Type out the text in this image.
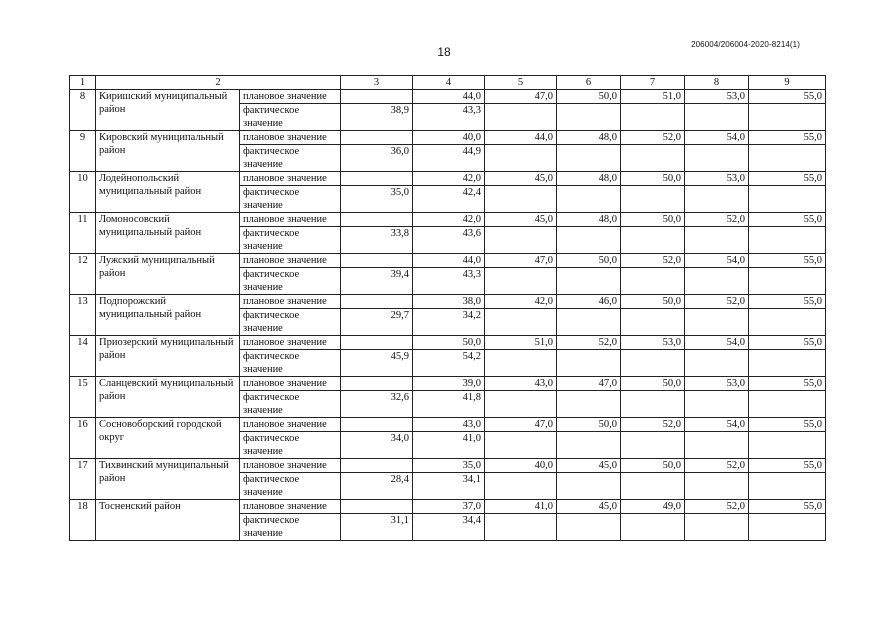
18
206004/206004-2020-8214(1)
1	2		3	4	5	6	7	8	9
8	Киришский муниципальный район	плановое значение		44,0	47,0	50,0	51,0	53,0	55,0
		фактическое значение	38,9	43,3					
9	Кировский муниципальный район	плановое значение		40,0	44,0	48,0	52,0	54,0	55,0
		фактическое значение	36,0	44,9					
10	Лодейнопольский муниципальный район	плановое значение		42,0	45,0	48,0	50,0	53,0	55,0
		фактическое значение	35,0	42,4					
11	Ломоносовский муниципальный район	плановое значение		42,0	45,0	48,0	50,0	52,0	55,0
		фактическое значение	33,8	43,6					
12	Лужский муниципальный район	плановое значение		44,0	47,0	50,0	52,0	54,0	55,0
		фактическое значение	39,4	43,3					
13	Подпорожский муниципальный район	плановое значение		38,0	42,0	46,0	50,0	52,0	55,0
		фактическое значение	29,7	34,2					
14	Приозерский муниципальный район	плановое значение		50,0	51,0	52,0	53,0	54,0	55,0
		фактическое значение	45,9	54,2					
15	Сланцевский муниципальный район	плановое значение		39,0	43,0	47,0	50,0	53,0	55,0
		фактическое значение	32,6	41,8					
16	Сосновоборский городской округ	плановое значение		43,0	47,0	50,0	52,0	54,0	55,0
		фактическое значение	34,0	41,0					
17	Тихвинский муниципальный район	плановое значение		35,0	40,0	45,0	50,0	52,0	55,0
		фактическое значение	28,4	34,1					
18	Тосненский район	плановое значение		37,0	41,0	45,0	49,0	52,0	55,0
		фактическое значение	31,1	34,4					
